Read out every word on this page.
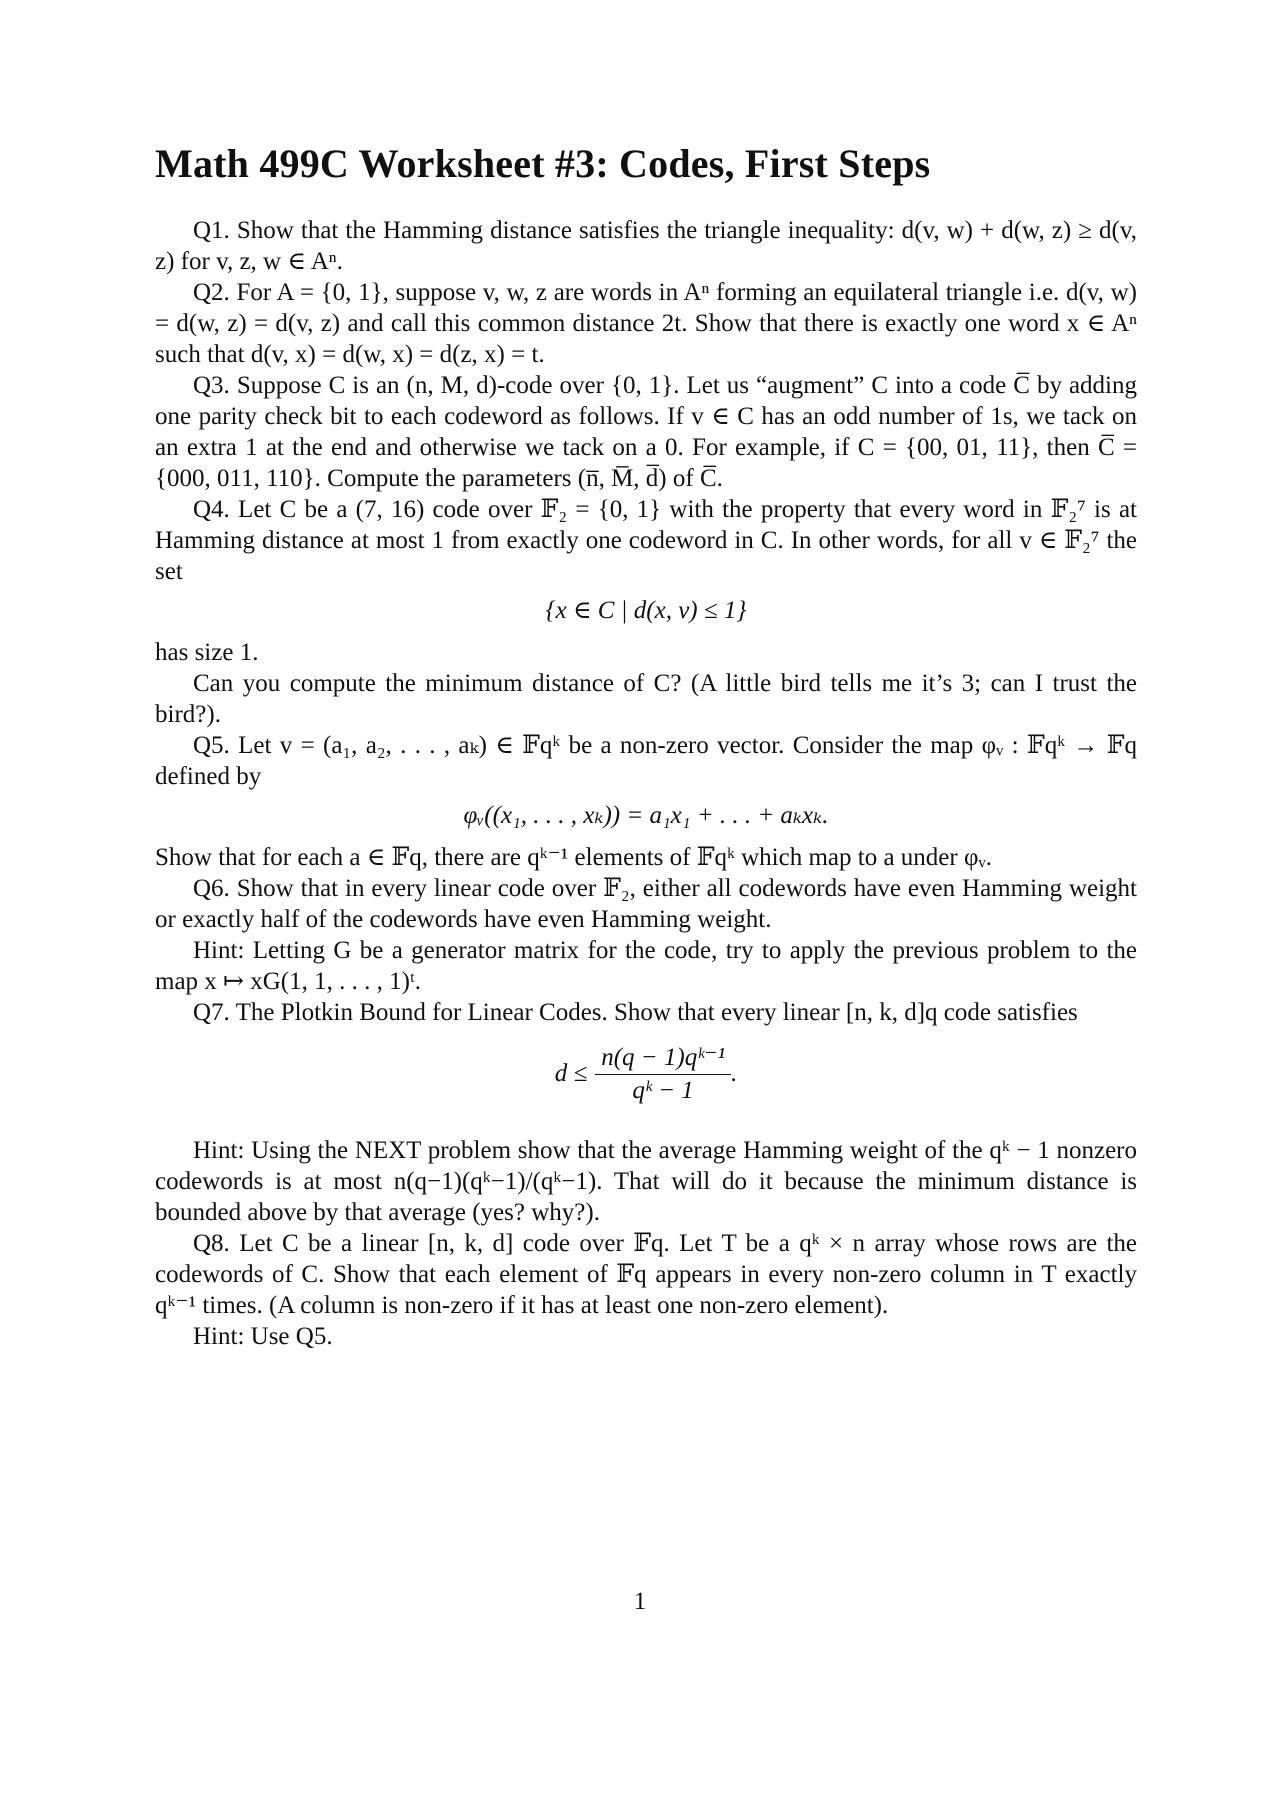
Math 499C Worksheet #3: Codes, First Steps

Q1. Show that the Hamming distance satisfies the triangle inequality: d(v, w) + d(w, z) ≥ d(v, z) for v, z, w ∈ Aⁿ.

Q2. For A = {0, 1}, suppose v, w, z are words in Aⁿ forming an equilateral triangle i.e. d(v, w) = d(w, z) = d(v, z) and call this common distance 2t. Show that there is exactly one word x ∈ Aⁿ such that d(v, x) = d(w, x) = d(z, x) = t.

Q3. Suppose C is an (n, M, d)-code over {0, 1}. Let us “augment” C into a code C̅ by adding one parity check bit to each codeword as follows. If v ∈ C has an odd number of 1s, we tack on an extra 1 at the end and otherwise we tack on a 0. For example, if C = {00, 01, 11}, then C̅ = {000, 011, 110}. Compute the parameters (n̅, M̅, d̅) of C̅.

Q4. Let C be a (7, 16) code over 𝔽₂ = {0, 1} with the property that every word in 𝔽₂⁷ is at Hamming distance at most 1 from exactly one codeword in C. In other words, for all v ∈ 𝔽₂⁷ the set

{x ∈ C | d(x, v) ≤ 1}

has size 1.

Can you compute the minimum distance of C? (A little bird tells me it’s 3; can I trust the bird?).

Q5. Let v = (a₁, a₂, . . . , aₖ) ∈ 𝔽qᵏ be a non-zero vector. Consider the map φᵥ : 𝔽qᵏ → 𝔽q defined by

φᵥ((x₁, . . . , xₖ)) = a₁x₁ + . . . + aₖxₖ.

Show that for each a ∈ 𝔽q, there are qᵏ⁻¹ elements of 𝔽qᵏ which map to a under φᵥ.

Q6. Show that in every linear code over 𝔽₂, either all codewords have even Hamming weight or exactly half of the codewords have even Hamming weight.

Hint: Letting G be a generator matrix for the code, try to apply the previous problem to the map x ↦ xG(1, 1, . . . , 1)ᵗ.

Q7. The Plotkin Bound for Linear Codes. Show that every linear [n, k, d]q code satisfies

$d \le \frac{\text{n(q − 1)qᵏ⁻¹}}{\text{qᵏ − 1}}$ .

Hint: Using the NEXT problem show that the average Hamming weight of the qᵏ − 1 nonzero codewords is at most n(q−1)(qᵏ−1)/(qᵏ−1). That will do it because the minimum distance is bounded above by that average (yes? why?).

Q8. Let C be a linear [n, k, d] code over 𝔽q. Let T be a qᵏ × n array whose rows are the codewords of C. Show that each element of 𝔽q appears in every non-zero column in T exactly qᵏ⁻¹ times. (A column is non-zero if it has at least one non-zero element).

Hint: Use Q5.

1
